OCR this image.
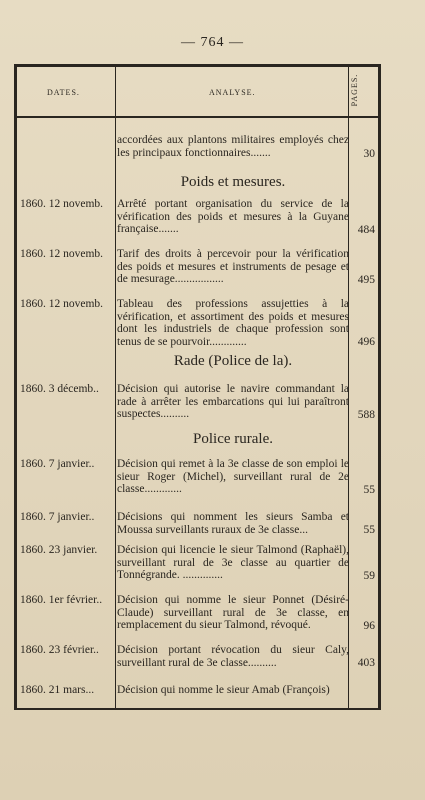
— 764 —
DATES.	ANALYSE.	PAGES.
accordées aux plantons militaires employés chez les principaux fonctionnaires.......	30
Poids et mesures.
1860. 12 novemb.	Arrêté portant organisation du service de la vérification des poids et mesures à la Guyane française.......	484
1860. 12 novemb.	Tarif des droits à percevoir pour la vérification des poids et mesures et instruments de pesage et de mesurage.................	495
1860. 12 novemb.	Tableau des professions assujetties à la vérification, et assortiment des poids et mesures dont les industriels de chaque profession sont tenus de se pourvoir.............	496
Rade (Police de la).
1860. 3 décemb..	Décision qui autorise le navire commandant la rade à arrêter les embarcations qui lui paraîtront suspectes..........	588
Police rurale.
1860. 7 janvier..	Décision qui remet à la 3e classe de son emploi le sieur Roger (Michel), surveillant rural de 2e classe.............	55
1860. 7 janvier..	Décisions qui nomment les sieurs Samba et Moussa surveillants ruraux de 3e classe...	55
1860. 23 janvier.	Décision qui licencie le sieur Talmond (Raphaël), surveillant rural de 3e classe au quartier de Tonnégrande. ..............	59
1860. 1er février..	Décision qui nomme le sieur Ponnet (Désiré-Claude) surveillant rural de 3e classe, en remplacement du sieur Talmond, révoqué.	96
1860. 23 février..	Décision portant révocation du sieur Caly, surveillant rural de 3e classe..........	403
1860. 21 mars...	Décision qui nomme le sieur Amab (François)
